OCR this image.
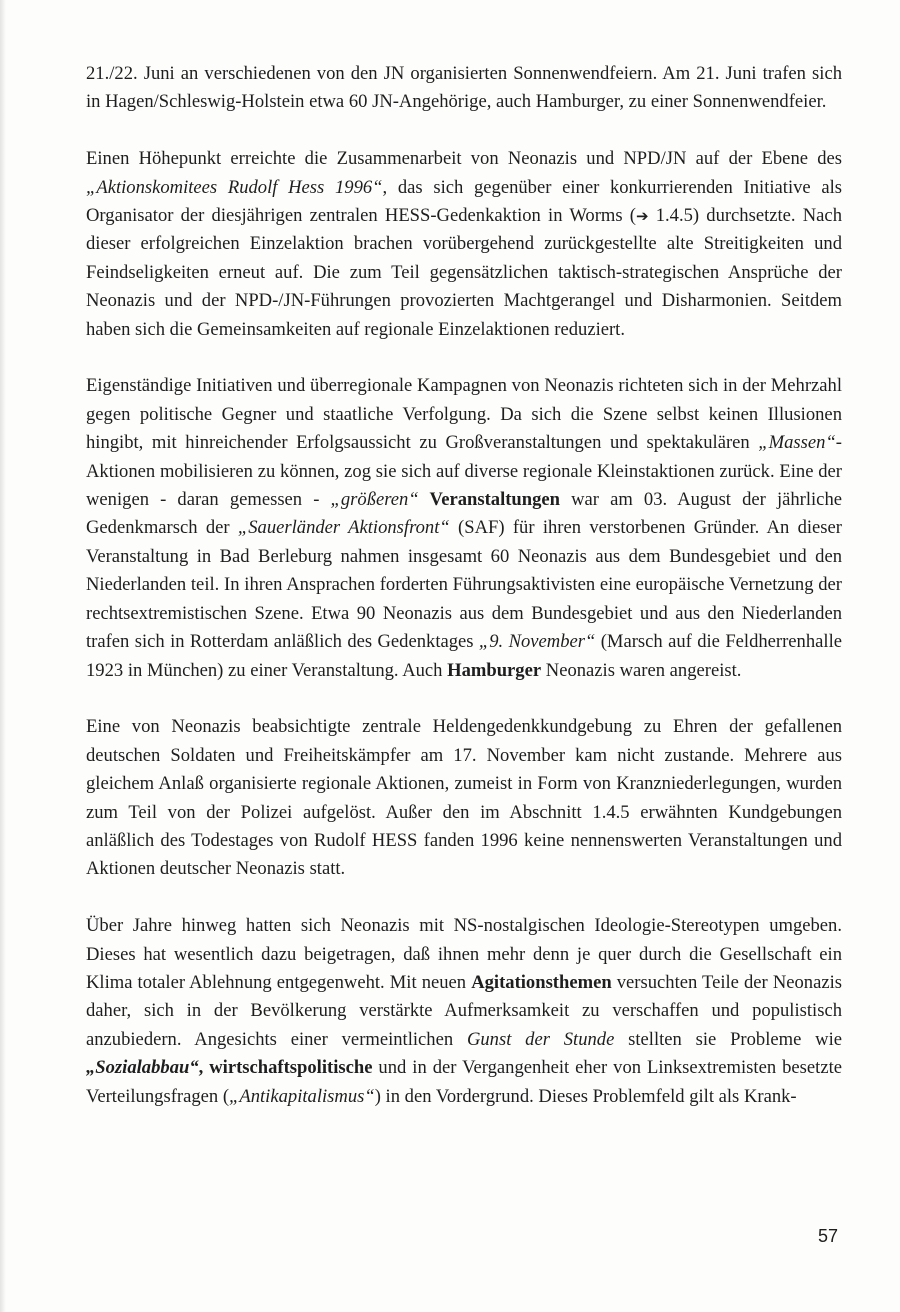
21./22. Juni an verschiedenen von den JN organisierten Sonnenwendfeiern. Am 21. Juni trafen sich in Hagen/Schleswig-Holstein etwa 60 JN-Angehörige, auch Hamburger, zu einer Sonnenwendfeier.

Einen Höhepunkt erreichte die Zusammenarbeit von Neonazis und NPD/JN auf der Ebene des „Aktionskomitees Rudolf Hess 1996“, das sich gegenüber einer konkurrierenden Initiative als Organisator der diesjährigen zentralen HESS-Gedenkaktion in Worms (➔ 1.4.5) durchsetzte. Nach dieser erfolgreichen Einzelaktion brachen vorübergehend zurückgestellte alte Streitigkeiten und Feindseligkeiten erneut auf. Die zum Teil gegensätzlichen taktisch-strategischen Ansprüche der Neonazis und der NPD-/JN-Führungen provozierten Machtgerangel und Disharmonien. Seitdem haben sich die Gemeinsamkeiten auf regionale Einzelaktionen reduziert.

Eigenständige Initiativen und überregionale Kampagnen von Neonazis richteten sich in der Mehrzahl gegen politische Gegner und staatliche Verfolgung. Da sich die Szene selbst keinen Illusionen hingibt, mit hinreichender Erfolgsaussicht zu Großveranstaltungen und spektakulären „Massen“-Aktionen mobilisieren zu können, zog sie sich auf diverse regionale Kleinstaktionen zurück. Eine der wenigen - daran gemessen - „größeren“ Veranstaltungen war am 03. August der jährliche Gedenkmarsch der „Sauerländer Aktionsfront“ (SAF) für ihren verstorbenen Gründer. An dieser Veranstaltung in Bad Berleburg nahmen insgesamt 60 Neonazis aus dem Bundesgebiet und den Niederlanden teil. In ihren Ansprachen forderten Führungsaktivisten eine europäische Vernetzung der rechtsextremistischen Szene. Etwa 90 Neonazis aus dem Bundesgebiet und aus den Niederlanden trafen sich in Rotterdam anläßlich des Gedenktages „9. November“ (Marsch auf die Feldherrenhalle 1923 in München) zu einer Veranstaltung. Auch Hamburger Neonazis waren angereist.

Eine von Neonazis beabsichtigte zentrale Heldengedenkkundgebung zu Ehren der gefallenen deutschen Soldaten und Freiheitskämpfer am 17. November kam nicht zustande. Mehrere aus gleichem Anlaß organisierte regionale Aktionen, zumeist in Form von Kranzniederlegungen, wurden zum Teil von der Polizei aufgelöst. Außer den im Abschnitt 1.4.5 erwähnten Kundgebungen anläßlich des Todestages von Rudolf HESS fanden 1996 keine nennenswerten Veranstaltungen und Aktionen deutscher Neonazis statt.

Über Jahre hinweg hatten sich Neonazis mit NS-nostalgischen Ideologie-Stereotypen umgeben. Dieses hat wesentlich dazu beigetragen, daß ihnen mehr denn je quer durch die Gesellschaft ein Klima totaler Ablehnung entgegenweht. Mit neuen Agitationsthemen versuchten Teile der Neonazis daher, sich in der Bevölkerung verstärkte Aufmerksamkeit zu verschaffen und populistisch anzubiedern. Angesichts einer vermeintlichen Gunst der Stunde stellten sie Probleme wie „Sozialabbau“, wirtschaftspolitische und in der Vergangenheit eher von Linksextremisten besetzte Verteilungsfragen („Antikapitalismus“) in den Vordergrund. Dieses Problemfeld gilt als Krank-

57
